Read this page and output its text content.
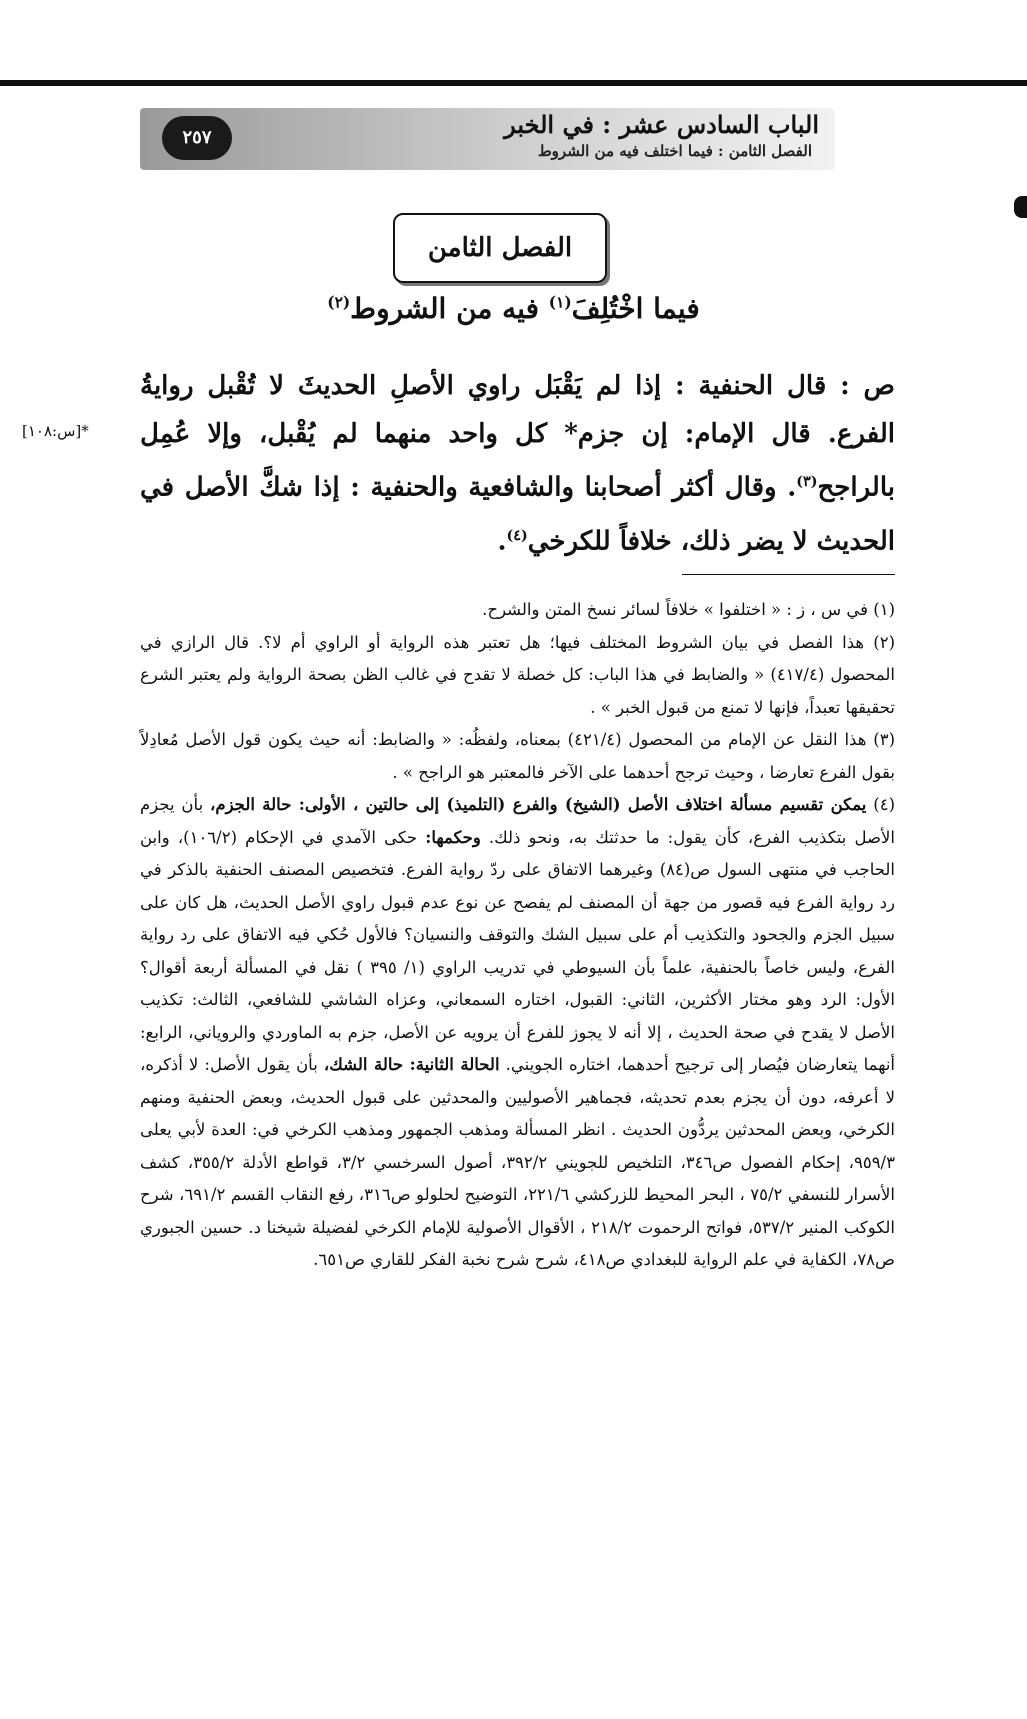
الباب السادس عشر : في الخبر

الفصل الثامن : فيما اختلف فيه من الشروط

٢٥٧
الفصل الثامن
فيما اخْتُلِفَ$^{(١)}$ فيه من الشروط$^{(٢)}$

ص : قال الحنفية : إذا لم يَقْبَل راوي الأصلِ الحديثَ لا تُقْبل روايةُ الفرع. قال الإمام: إن جزم* كل واحد منهما لم يُقْبل، وإلا عُمِل بالراجح$^{(٣)}$. وقال أكثر أصحابنا والشافعية والحنفية : إذا شكَّ الأصل في الحديث لا يضر ذلك، خلافاً للكرخي$^{(٤)}$.

*[س:١٠٨]

(١) في س ، ز : « اختلفوا » خلافاً لسائر نسخ المتن والشرح.

(٢) هذا الفصل في بيان الشروط المختلف فيها؛ هل تعتبر هذه الرواية أو الراوي أم لا؟. قال الرازي في المحصول (٤١٧/٤) « والضابط في هذا الباب: كل خصلة لا تقدح في غالب الظن بصحة الرواية ولم يعتبر الشرع تحقيقها تعبداً، فإنها لا تمنع من قبول الخبر » .

(٣) هذا النقل عن الإمام من المحصول (٤٢١/٤) بمعناه، ولفظُه: « والضابط: أنه حيث يكون قول الأصل مُعادِلاً بقول الفرع تعارضا ، وحيث ترجح أحدهما على الآخر فالمعتبر هو الراجح » .

(٤) يمكن تقسيم مسألة اختلاف الأصل (الشيخ) والفرع (التلميذ) إلى حالتين ، الأولى: حالة الجزم، بأن يجزم الأصل بتكذيب الفرع، كأن يقول: ما حدثتك به، ونحو ذلك. وحكمها: حكى الآمدي في الإحكام (١٠٦/٢)، وابن الحاجب في منتهى السول ص(٨٤) وغيرهما الاتفاق على ردّ رواية الفرع. فتخصيص المصنف الحنفية بالذكر في رد رواية الفرع فيه قصور من جهة أن المصنف لم يفصح عن نوع عدم قبول راوي الأصل الحديث، هل كان على سبيل الجزم والجحود والتكذيب أم على سبيل الشك والتوقف والنسيان؟ فالأول حُكي فيه الاتفاق على رد رواية الفرع، وليس خاصاً بالحنفية، علماً بأن السيوطي في تدريب الراوي (١/ ٣٩٥ ) نقل في المسألة أربعة أقوال؟ الأول: الرد وهو مختار الأكثرين، الثاني: القبول، اختاره السمعاني، وعزاه الشاشي للشافعي، الثالث: تكذيب الأصل لا يقدح في صحة الحديث ، إلا أنه لا يجوز للفرع أن يرويه عن الأصل، جزم به الماوردي والروياني، الرابع: أنهما يتعارضان فيُصار إلى ترجيح أحدهما، اختاره الجويني. الحالة الثانية: حالة الشك، بأن يقول الأصل: لا أذكره، لا أعرفه، دون أن يجزم بعدم تحديثه، فجماهير الأصوليين والمحدثين على قبول الحديث، وبعض الحنفية ومنهم الكرخي، وبعض المحدثين يردُّون الحديث . انظر المسألة ومذهب الجمهور ومذهب الكرخي في: العدة لأبي يعلى ٩٥٩/٣، إحكام الفصول ص٣٤٦، التلخيص للجويني ٣٩٢/٢، أصول السرخسي ٣/٢، قواطع الأدلة ٣٥٥/٢، كشف الأسرار للنسفي ٧٥/٢ ، البحر المحيط للزركشي ٢٢١/٦، التوضيح لحلولو ص٣١٦، رفع النقاب القسم ٦٩١/٢، شرح الكوكب المنير ٥٣٧/٢، فواتح الرحموت ٢١٨/٢ ، الأقوال الأصولية للإمام الكرخي لفضيلة شيخنا د. حسين الجبوري ص٧٨، الكفاية في علم الرواية للبغدادي ص٤١٨، شرح شرح نخبة الفكر للقاري ص٦٥١.
